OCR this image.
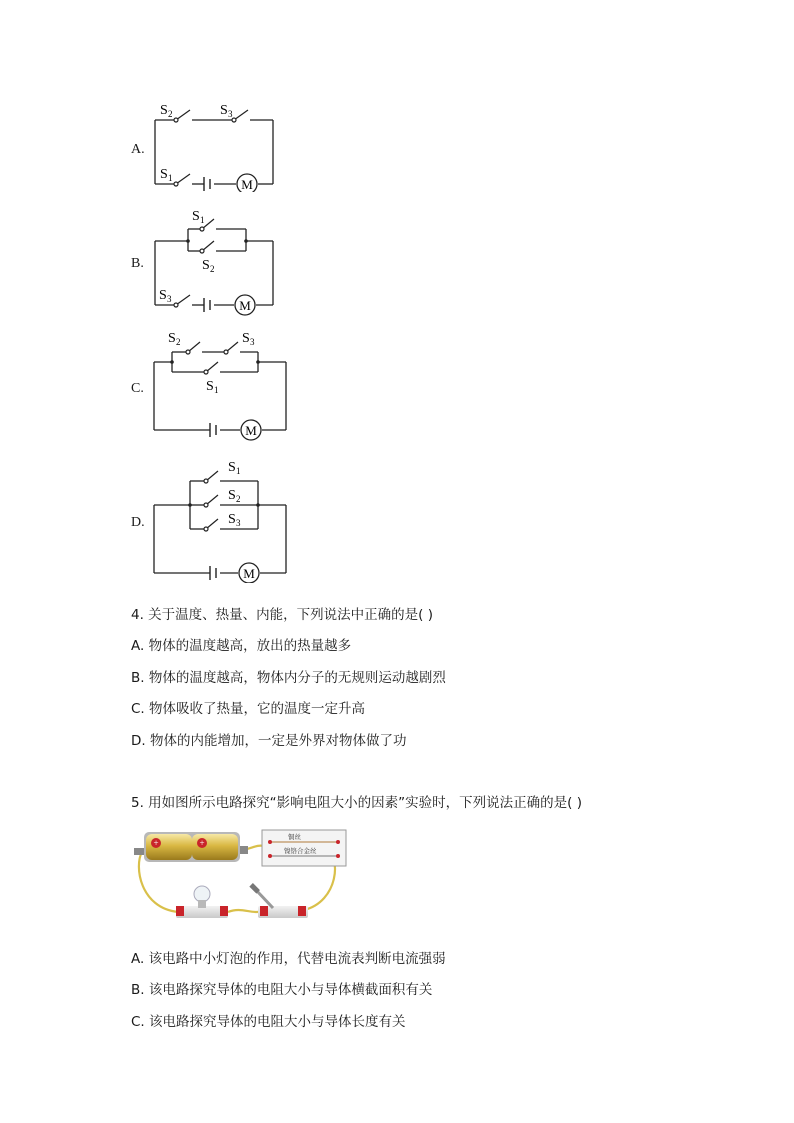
A.
M
S 2	S 3
S 1
B.
M
S 1
S 2
S 3
C.
M
S 2	S 3
S 1
D.
M
S 1
S 2
S 3
4. 关于温度、热量、内能，下列说法中正确的是( )
A. 物体的温度越高，放出的热量越多
B. 物体的温度越高，物体内分子的无规则运动越剧烈
C. 物体吸收了热量，它的温度一定升高
D. 物体的内能增加，一定是外界对物体做了功
5. 用如图所示电路探究“影响电阻大小的因素”实验时，下列说法正确的是( )
+	+
铜丝
镍铬合金丝
A. 该电路中小灯泡的作用，代替电流表判断电流强弱
B. 该电路探究导体的电阻大小与导体横截面积有关
C. 该电路探究导体的电阻大小与导体长度有关
